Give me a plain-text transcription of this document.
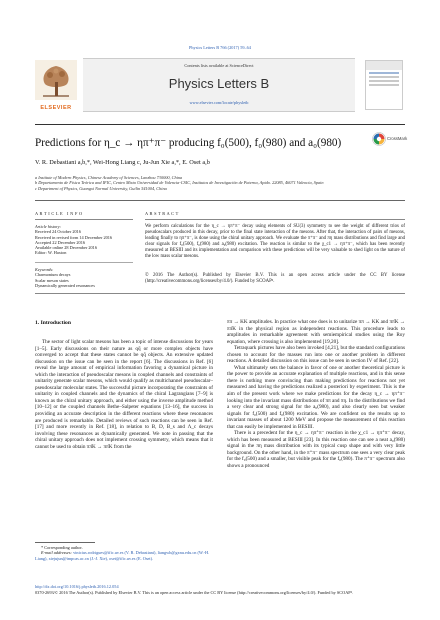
Physics Letters B 766 (2017) 59–64
ELSEVIER
Contents lists available at ScienceDirect
Physics Letters B
www.elsevier.com/locate/physletb
Predictions for η_c → ηπ⁺π⁻ producing f₀(500), f₀(980) and a₀(980)	CrossMark
V. R. Debastiani a,b,*, Wei-Hong Liang c, Ju-Jun Xie a,*, E. Oset a,b
a Institute of Modern Physics, Chinese Academy of Sciences, Lanzhou 730000, China
b Departamento de Física Teórica and IFIC, Centro Mixto Universidad de Valencia-CSIC, Institutos de Investigación de Paterna, Aptdo. 22085, 46071 Valencia, Spain
c Department of Physics, Guangxi Normal University, Guilin 541004, China
A R T I C L E   I N F O
Article history:
Received 24 October 2016
Received in revised form 14 December 2016
Accepted 22 December 2016
Available online 28 December 2016
Editor: W. Haxton
Keywords:
Charmonium decays
Scalar meson states
Dynamically generated resonances
A B S T R A C T
We perform calculations for the η_c → ηπ⁺π⁻ decay using elements of SU(3) symmetry to see the weight of different trios of pseudoscalars produced in this decay, prior to the final state interaction of the mesons. After that, the interaction of pairs of mesons, leading finally to ηπ⁺π⁻, is done using the chiral unitary approach. We evaluate the π⁺π⁻ and πη mass distributions and find large and clear signals for f₀(500), f₀(980) and a₀(980) excitation. The reaction is similar to the χ_c1 → ηπ⁺π⁻, which has been recently measured at BESIII and its implementation and comparison with these predictions will be very valuable to shed light on the nature of the low mass scalar mesons.
© 2016 The Author(s). Published by Elsevier B.V. This is an open access article under the CC BY license (http://creativecommons.org/licenses/by/4.0/). Funded by SCOAP³.
1. Introduction

The sector of light scalar mesons has been a topic of intense discussions for years [1–5]. Early discussions on their nature as qq̄ or more complex objects have converged to accept that these states cannot be qq̄ objects. An extensive updated discussion on the issue can be seen in the report [6]. The discussions in Ref. [6] reveal the large amount of empirical information favoring a dynamical picture in which the interaction of pseudoscalar mesons in coupled channels and constraints of unitarity generate scalar mesons, which would qualify as multichannel pseudoscalar–pseudoscalar molecular states. The successful picture incorporating the constraints of unitarity in coupled channels and the dynamics of the chiral Lagrangians [7–9] is known as the chiral unitary approach, and either using the inverse amplitude method [10–12] or the coupled channels Bethe–Salpeter equations [13–16], the success in providing an accurate description in the different reactions where these resonances are produced is remarkable. Detailed reviews of such reactions can be seen in Ref. [17] and more recently in Ref. [18], in relation to B, D, B_s and Λ_c decays involving these resonances as dynamically generated. We note in passing that the chiral unitary approach does not implement crossing symmetry, which means that it cannot be used to obtain ππ̄K → ππ̄K from the

ππ → KK̄ amplitudes. In practice what one does is to unitarize ππ → KK̄ and ππ̄K → ππ̄K in the physical region as independent reactions. This procedure leads to amplitudes in remarkable agreement with semiempirical studies using the Roy equation, where crossing is also implemented [19,20].

Tetraquark pictures have also been invoked [4,21], but the standard configurations chosen to account for the masses run into one or another problem in different reactions. A detailed discussion on this issue can be seen in section IV of Ref. [22].

What ultimately sets the balance in favor of one or another theoretical picture is the power to provide an accurate explanation of multiple reactions, and in this sense there is nothing more convincing than making predictions for reactions not yet measured and having the predictions realized a posteriori by experiment. This is the aim of the present work where we make predictions for the decay η_c → ηπ⁺π⁻ looking into the invariant mass distributions of ππ and πη. In the distributions we find a very clear and strong signal for the a₀(980), and also clearly seen but weaker signals for f₀(500) and f₀(980) excitation. We are confident on the results up to invariant masses of about 1200 MeV and propose the measurement of this reaction that can easily be implemented in BESIII.

There is a precedent for the η_c → ηπ⁺π⁻ reaction in the χ_c1 → ηπ⁺π⁻ decay, which has been measured at BESIII [23]. In this reaction one can see a neat a₀(980) signal in the πη mass distribution with its typical cusp shape and with very little background. On the other hand, in the π⁺π⁻ mass spectrum one sees a very clear peak for the f₀(500) and a smaller, but visible peak for the f₀(980). The π⁺π⁻ spectrum also shows a pronounced

* Corresponding author.
E-mail addresses: vinicius.rodrigues@ific.uv.es (V. R. Debastiani), liangwh@gxnu.edu.cn (W.-H. Liang), xiejujun@impcas.ac.cn (J.-J. Xie), oset@ific.uv.es (E. Oset).
http://dx.doi.org/10.1016/j.physletb.2016.12.054
0370-2693/© 2016 The Author(s). Published by Elsevier B.V. This is an open access article under the CC BY license (http://creativecommons.org/licenses/by/4.0/). Funded by SCOAP³.
